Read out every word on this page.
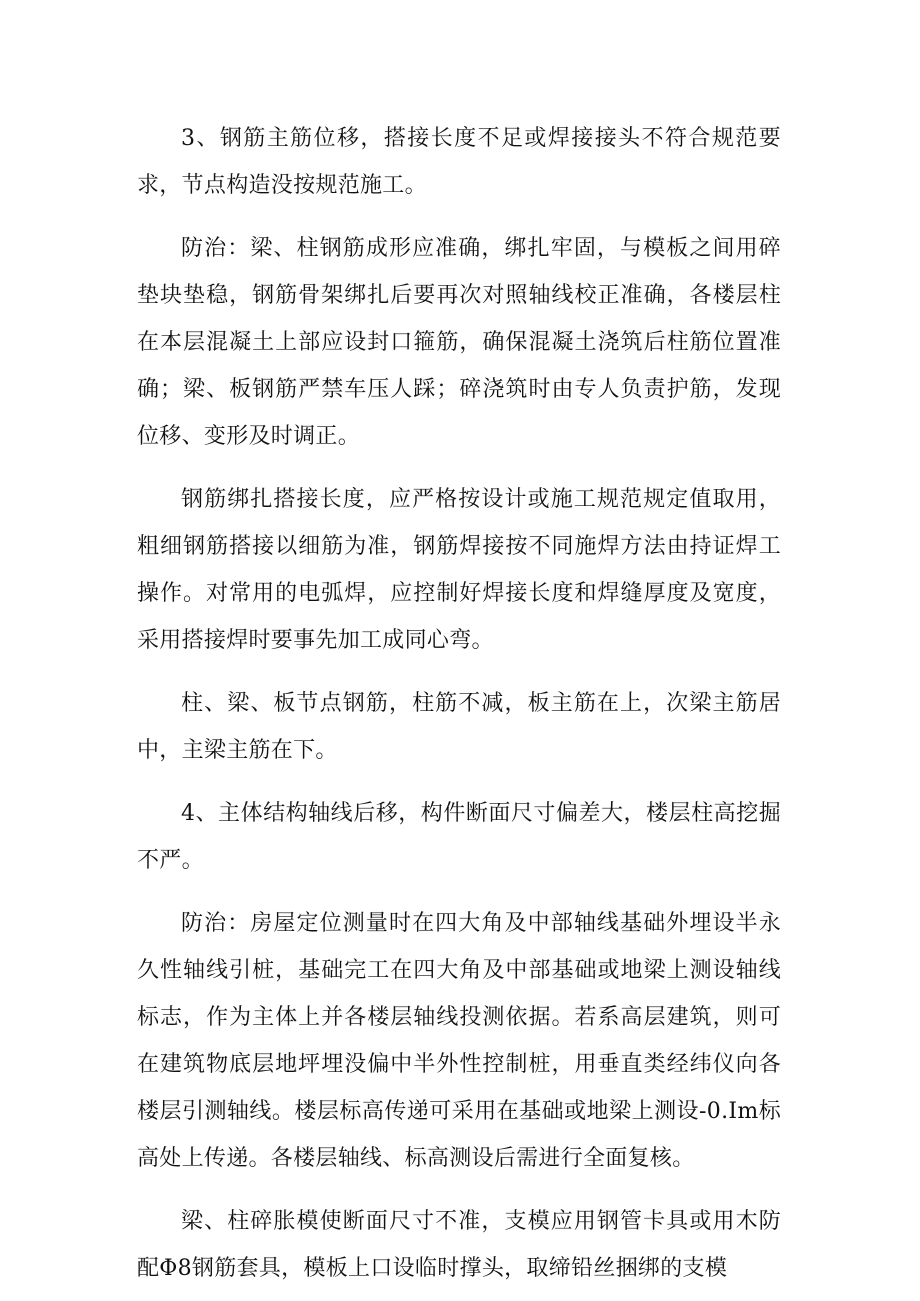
3、钢筋主筋位移，搭接长度不足或焊接接头不符合规范要求，节点构造没按规范施工。

防治：梁、柱钢筋成形应准确，绑扎牢固，与模板之间用碎垫块垫稳，钢筋骨架绑扎后要再次对照轴线校正准确，各楼层柱在本层混凝土上部应设封口箍筋，确保混凝土浇筑后柱筋位置准确；梁、板钢筋严禁车压人踩；碎浇筑时由专人负责护筋，发现位移、变形及时调正。

钢筋绑扎搭接长度，应严格按设计或施工规范规定值取用，粗细钢筋搭接以细筋为准，钢筋焊接按不同施焊方法由持证焊工操作。对常用的电弧焊，应控制好焊接长度和焊缝厚度及宽度，采用搭接焊时要事先加工成同心弯。

柱、梁、板节点钢筋，柱筋不减，板主筋在上，次梁主筋居中，主梁主筋在下。

4、主体结构轴线后移，构件断面尺寸偏差大，楼层柱高挖掘不严。

防治：房屋定位测量时在四大角及中部轴线基础外埋设半永久性轴线引桩，基础完工在四大角及中部基础或地梁上测设轴线标志，作为主体上并各楼层轴线投测依据。若系高层建筑，则可在建筑物底层地坪埋没偏中半外性控制桩，用垂直类经纬仪向各楼层引测轴线。楼层标高传递可采用在基础或地梁上测设-0.Im标高处上传递。各楼层轴线、标高测设后需进行全面复核。

梁、柱碎胀模使断面尺寸不准，支模应用钢管卡具或用木防配Φ8钢筋套具，模板上口设临时撑头，取缔铅丝捆绑的支模
